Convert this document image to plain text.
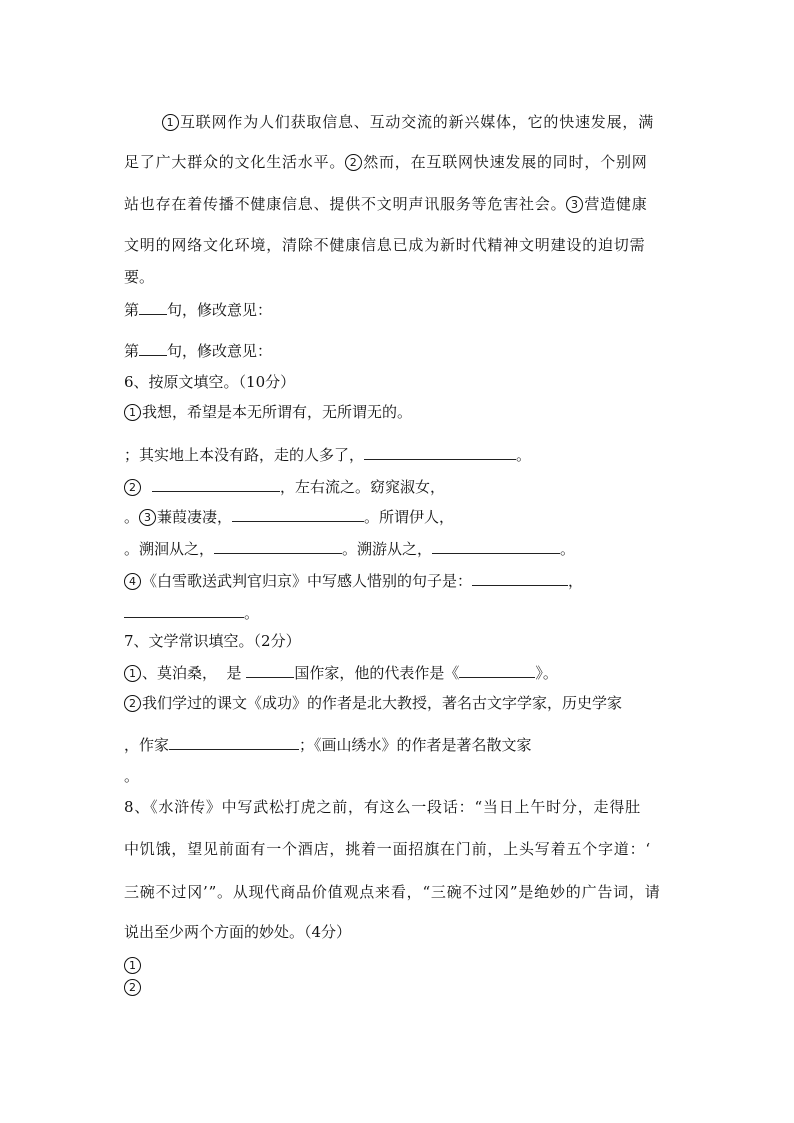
1 互联网作为人们获取信息、互动交流的新兴媒体，它的快速发展，满
足了广大群众的文化生活水平。 2 然而，在互联网快速发展的同时，个别网
站也存在着传播不健康信息、提供不文明声讯服务等危害社会。 3 营造健康
文明的网络文化环境，清除不健康信息已成为新时代精神文明建设的迫切需
要。
第 句，修改意见：
第 句，修改意见：
6、按原文填空。（10分）
1 我想，希望是本无所谓有，无所谓无的。
；其实地上本没有路，走的人多了，	。
2	，左右流之。窈窕淑女，
。 3 蒹葭凄凄，	。所谓伊人，
。溯洄从之，	。溯游从之，	。
4 《白雪歌送武判官归京》中写感人惜别的句子是：	，
。
7、文学常识填空。（2分）
1 、莫泊桑，  是	国作家，他的代表作是《	》。
2 我们学过的课文《成功》的作者是北大教授，著名古文字学家，历史学家
，作家	；《画山绣水》的作者是著名散文家
。
8、《水浒传》中写武松打虎之前，有这么一段话：“当日上午时分，走得肚
中饥饿，望见前面有一个酒店，挑着一面招旗在门前，上头写着五个字道：‘
三碗不过冈’”。从现代商品价值观点来看，“三碗不过冈”是绝妙的广告词，请
说出至少两个方面的妙处。（4分）
1
2
